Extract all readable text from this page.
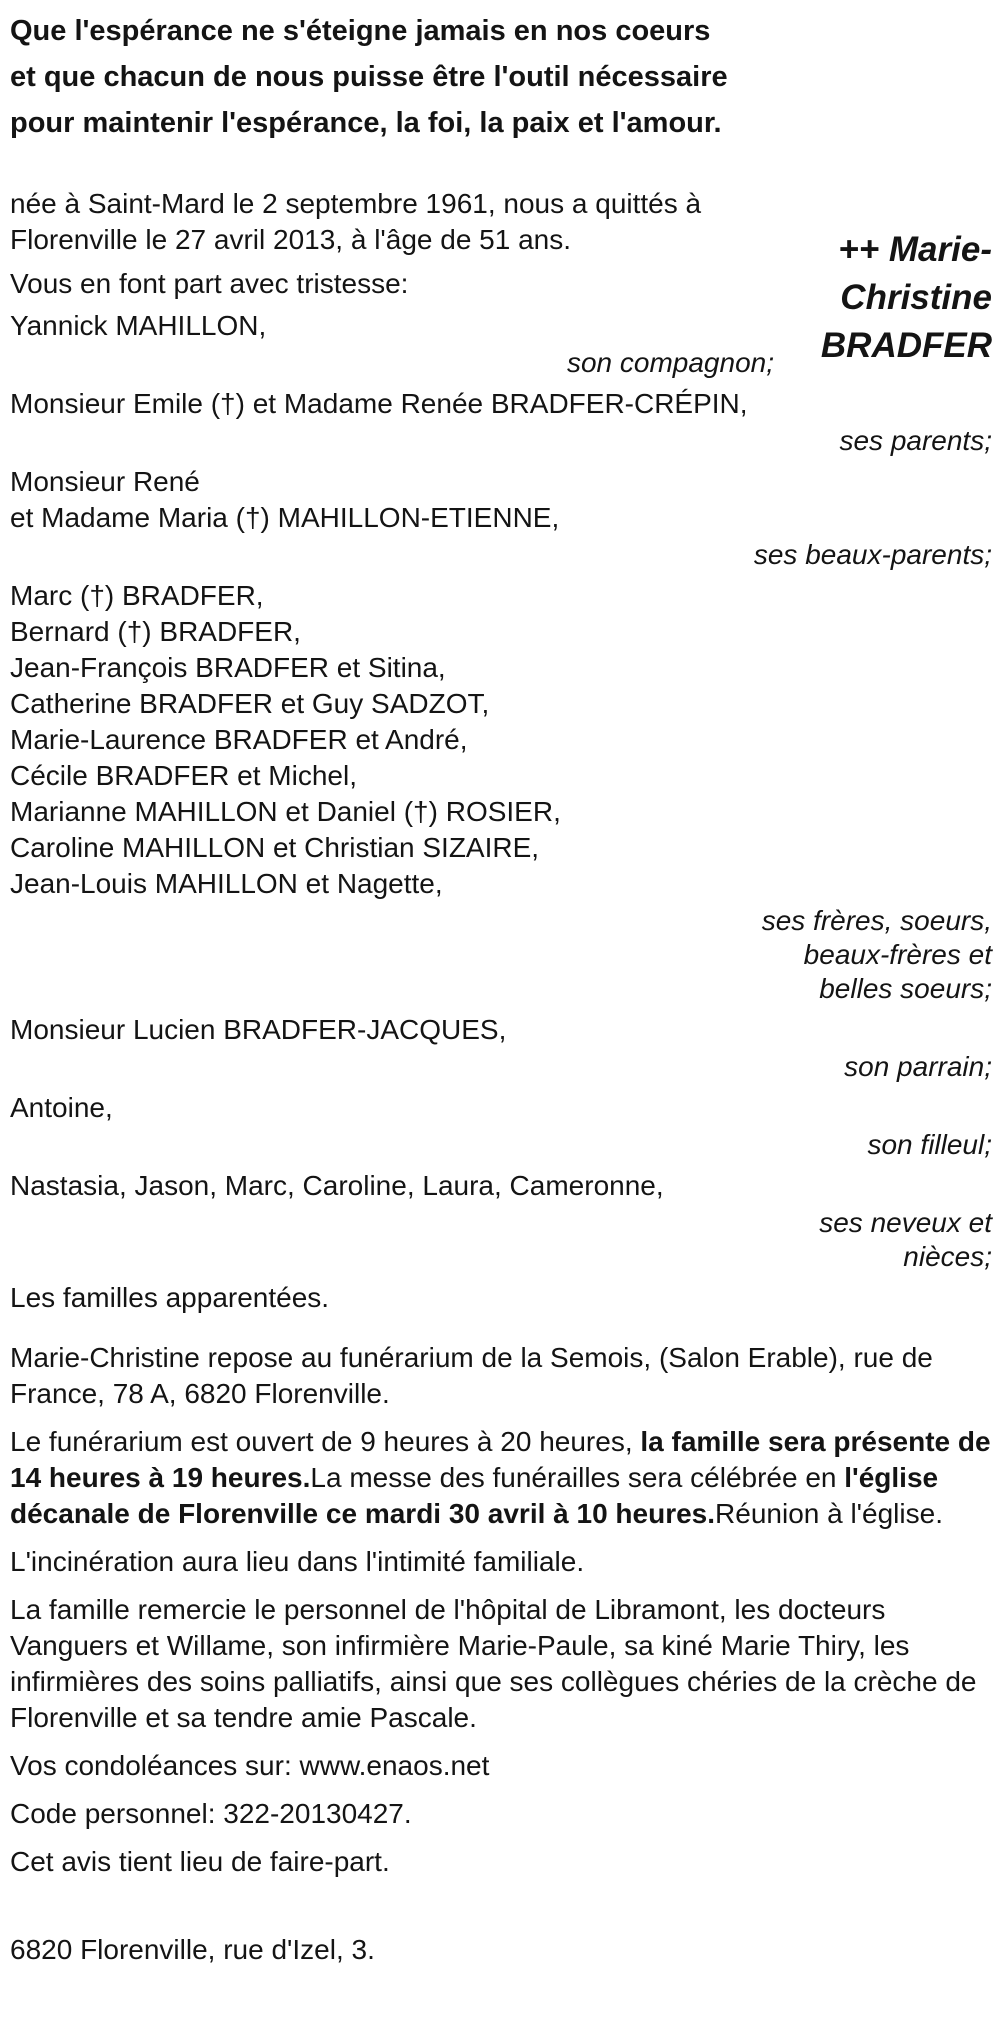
Que l'espérance ne s'éteigne jamais en nos coeurs
et que chacun de nous puisse être l'outil nécessaire
pour maintenir l'espérance, la foi, la paix et l'amour.
++ Marie-Christine BRADFER

née à Saint-Mard le 2 septembre 1961, nous a quittés à Florenville le 27 avril 2013, à l'âge de 51 ans.

Vous en font part avec tristesse:

Yannick MAHILLON,
son compagnon;
Monsieur Emile (†) et Madame Renée BRADFER-CRÉPIN,
ses parents;
Monsieur René
et Madame Maria (†) MAHILLON-ETIENNE,
ses beaux-parents;
Marc (†) BRADFER,
Bernard (†) BRADFER,
Jean-François BRADFER et Sitina,
Catherine BRADFER et Guy SADZOT,
Marie-Laurence BRADFER et André,
Cécile BRADFER et Michel,
Marianne MAHILLON et Daniel (†) ROSIER,
Caroline MAHILLON et Christian SIZAIRE,
Jean-Louis MAHILLON et Nagette,
ses frères, soeurs,
beaux-frères et
belles soeurs;
Monsieur Lucien BRADFER-JACQUES,
son parrain;
Antoine,
son filleul;
Nastasia, Jason, Marc, Caroline, Laura, Cameronne,
ses neveux et
nièces;
Les familles apparentées.

Marie-Christine repose au funérarium de la Semois, (Salon Erable), rue de France, 78 A, 6820 Florenville.

Le funérarium est ouvert de 9 heures à 20 heures, la famille sera présente de 14 heures à 19 heures.La messe des funérailles sera célébrée en l'église décanale de Florenville ce mardi 30 avril à 10 heures.Réunion à l'église.

L'incinération aura lieu dans l'intimité familiale.

La famille remercie le personnel de l'hôpital de Libramont, les docteurs Vanguers et Willame, son infirmière Marie-Paule, sa kiné Marie Thiry, les infirmières des soins palliatifs, ainsi que ses collègues chéries de la crèche de Florenville et sa tendre amie Pascale.

Vos condoléances sur: www.enaos.net

Code personnel: 322-20130427.

Cet avis tient lieu de faire-part.

6820 Florenville, rue d'Izel, 3.
